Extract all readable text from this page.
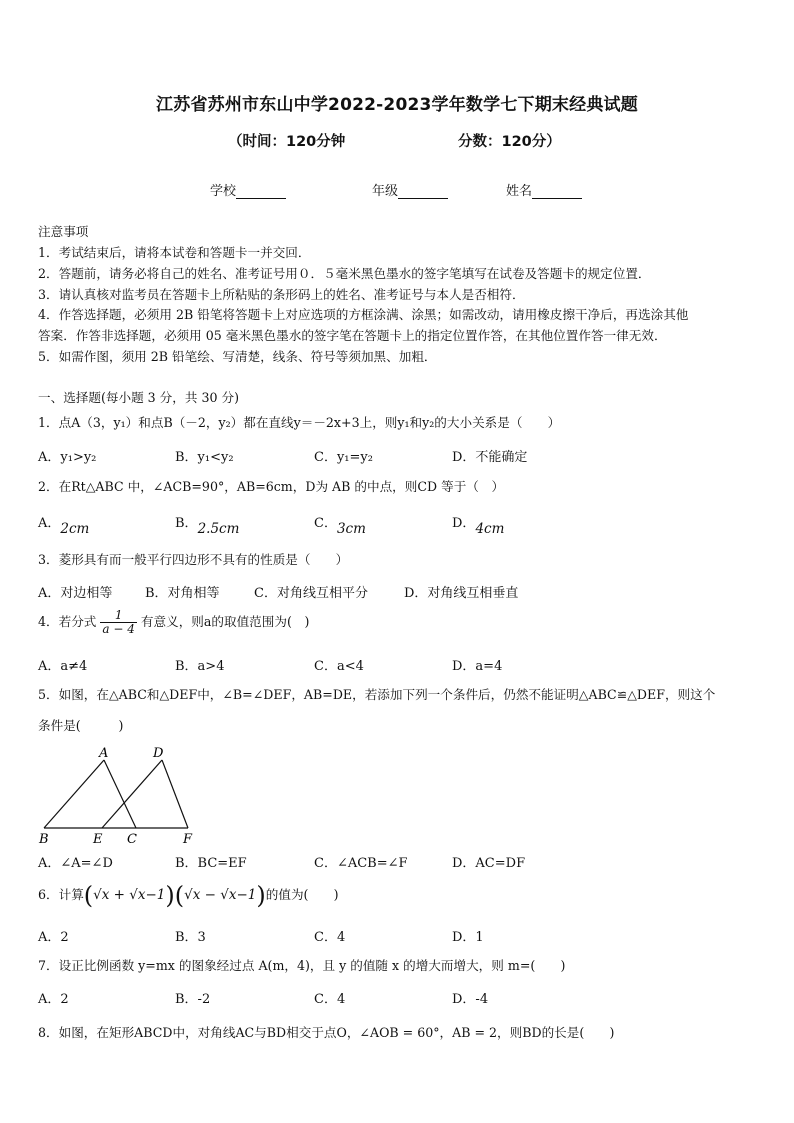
江苏省苏州市东山中学2022-2023学年数学七下期末经典试题
（时间：120分钟	分数：120分）
学校	年级	姓名
注意事项
1．考试结束后，请将本试卷和答题卡一并交回．
2．答题前，请务必将自己的姓名、准考证号用０．５毫米黑色墨水的签字笔填写在试卷及答题卡的规定位置．
3．请认真核对监考员在答题卡上所粘贴的条形码上的姓名、准考证号与本人是否相符．
4．作答选择题，必须用 2B 铅笔将答题卡上对应选项的方框涂满、涂黑；如需改动，请用橡皮擦干净后，再选涂其他
答案．作答非选择题，必须用 05 毫米黑色墨水的签字笔在答题卡上的指定位置作答，在其他位置作答一律无效．
5．如需作图，须用 2B 铅笔绘、写清楚，线条、符号等须加黑、加粗．
一、选择题(每小题 3 分，共 30 分)
1．点A（3，y₁）和点B（－2，y₂）都在直线y＝－2x+3上，则y₁和y₂的大小关系是（　　）
A．y₁>y₂	B．y₁<y₂	C．y₁=y₂	D．不能确定
2．在Rt△ABC 中，∠ACB=90°，AB=6cm，D为 AB 的中点，则CD 等于（　）
A．2cm	B．2.5cm	C．3cm	D．4cm
3．菱形具有而一般平行四边形不具有的性质是（　　）
A．对边相等	B．对角相等	C．对角线互相平分	D．对角线互相垂直
4．若分式 $\frac{1}{a - 4}$ 有意义，则a的取值范围为(　)
A．a≠4	B．a>4	C．a<4	D．a=4
5．如图，在△ABC和△DEF中，∠B=∠DEF，AB=DE，若添加下列一个条件后，仍然不能证明△ABC≌△DEF，则这个
条件是(　　　)
A	D
B	E C	F
A．∠A=∠D	B．BC=EF	C．∠ACB=∠F	D．AC=DF
6．计算(√x + √x−1)(√x − √x−1)的值为(　　)
A．2	B．3	C．4	D．1
7．设正比例函数 y=mx 的图象经过点 A(m，4)，且 y 的值随 x 的增大而增大，则 m=(　　)
A．2	B．-2	C．4	D．-4
8．如图，在矩形ABCD中，对角线AC与BD相交于点O，∠AOB = 60°，AB = 2，则BD的长是(　　)
